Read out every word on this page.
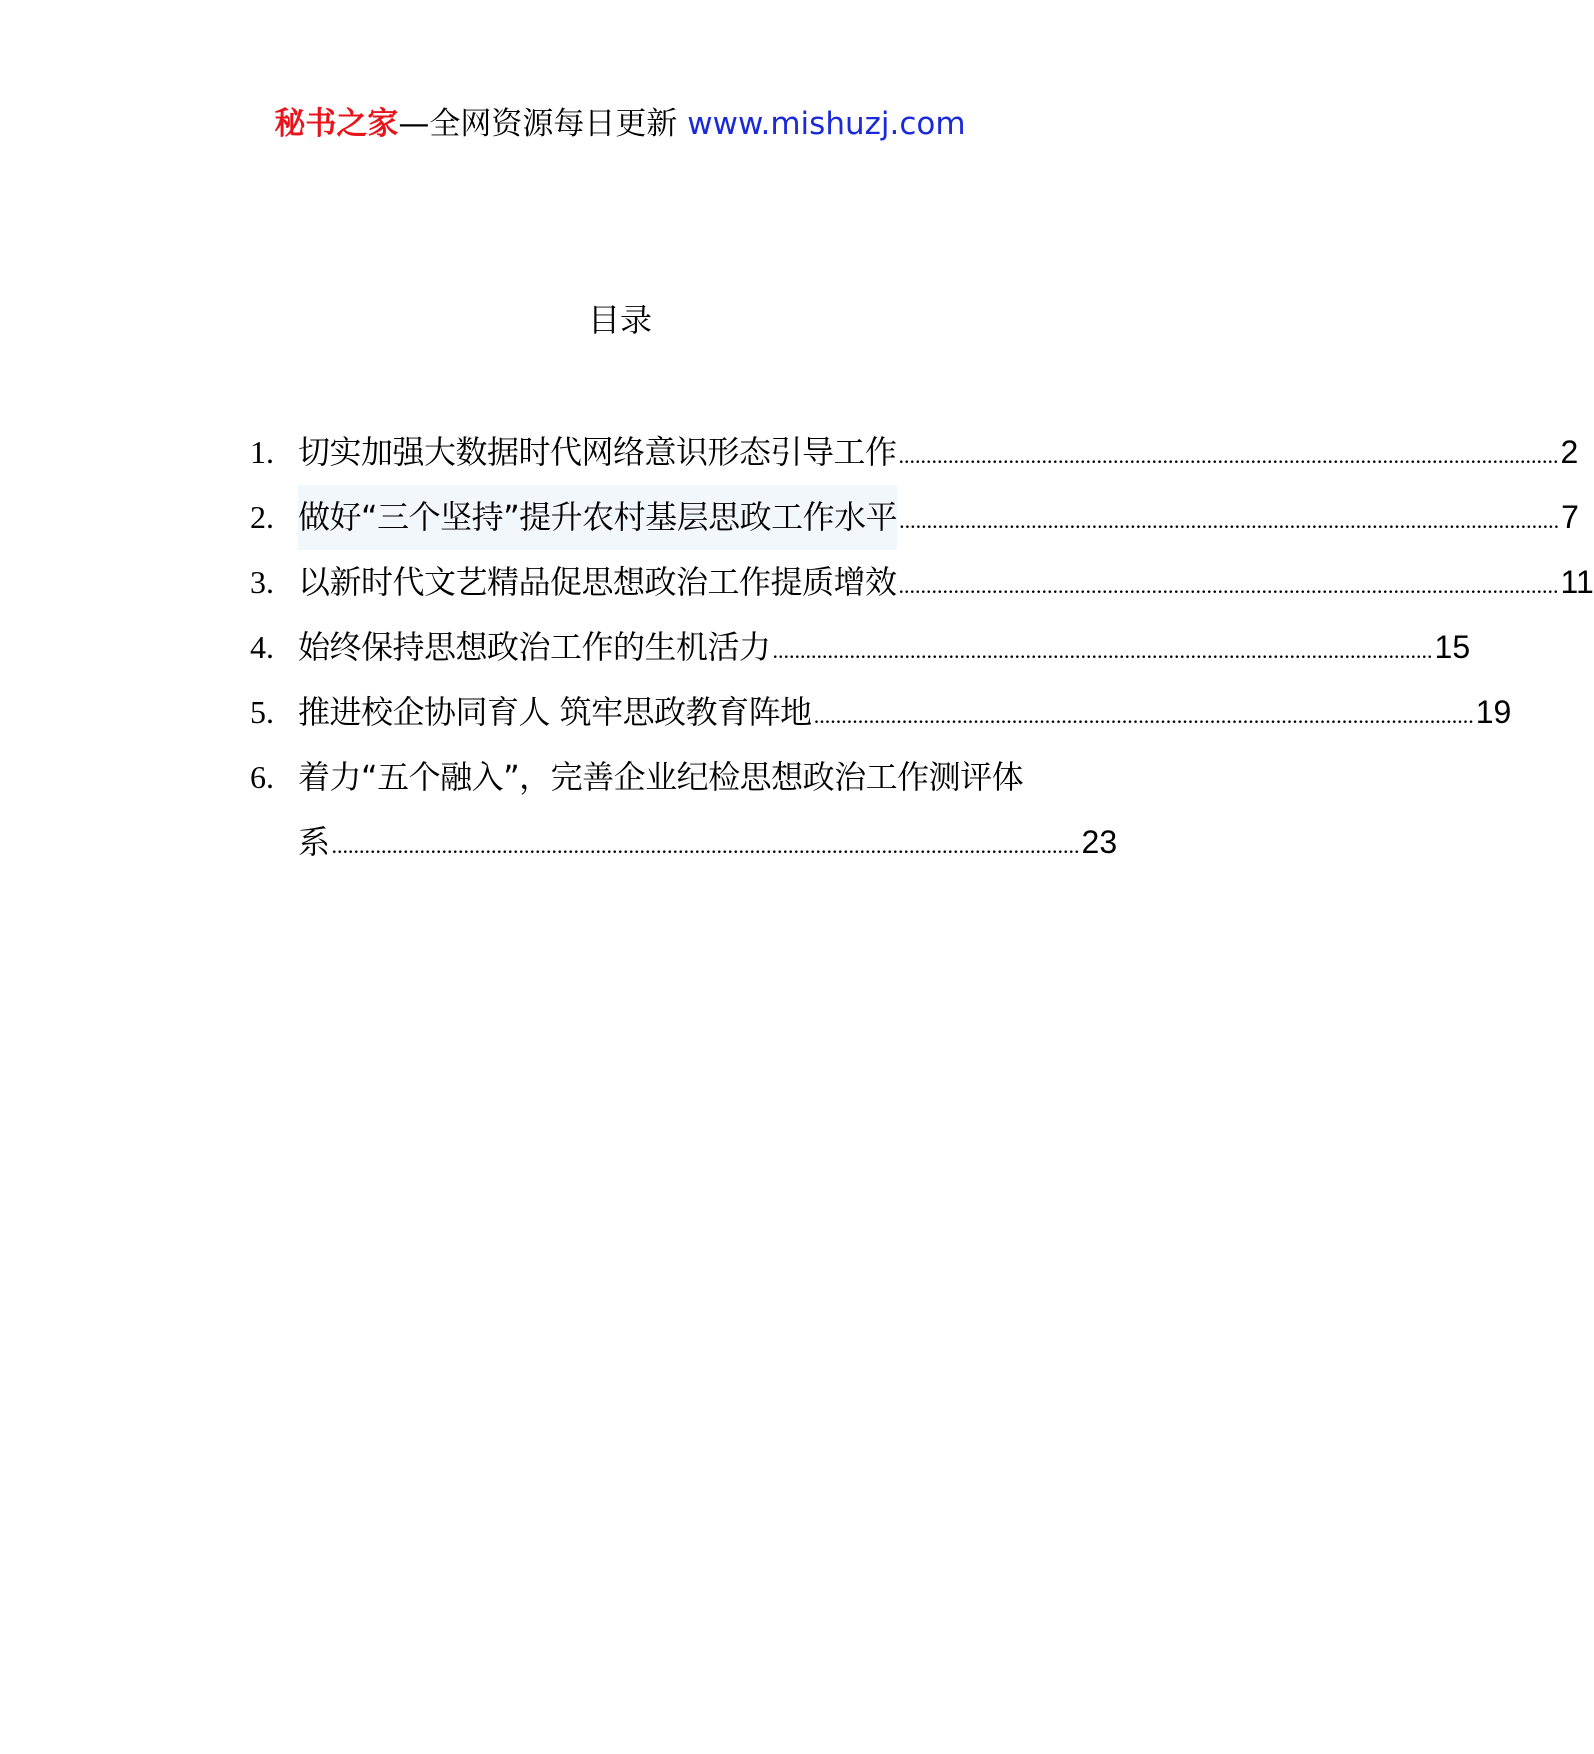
秘书之家—全网资源每日更新 www.mishuzj.com
目录
1. 切实加强大数据时代网络意识形态引导工作 ........................................................................................................................ 2
2. 做好“三个坚持”提升农村基层思政工作水平 ........................................................................................................................ 7
3. 以新时代文艺精品促思想政治工作提质增效 ........................................................................................................................ 11
4. 始终保持思想政治工作的生机活力 ........................................................................................................................ 15
5. 推进校企协同育人 筑牢思政教育阵地 ........................................................................................................................ 19
6. 着力“五个融入”，完善企业纪检思想政治工作测评体
系 ........................................................................................................................................ 23
